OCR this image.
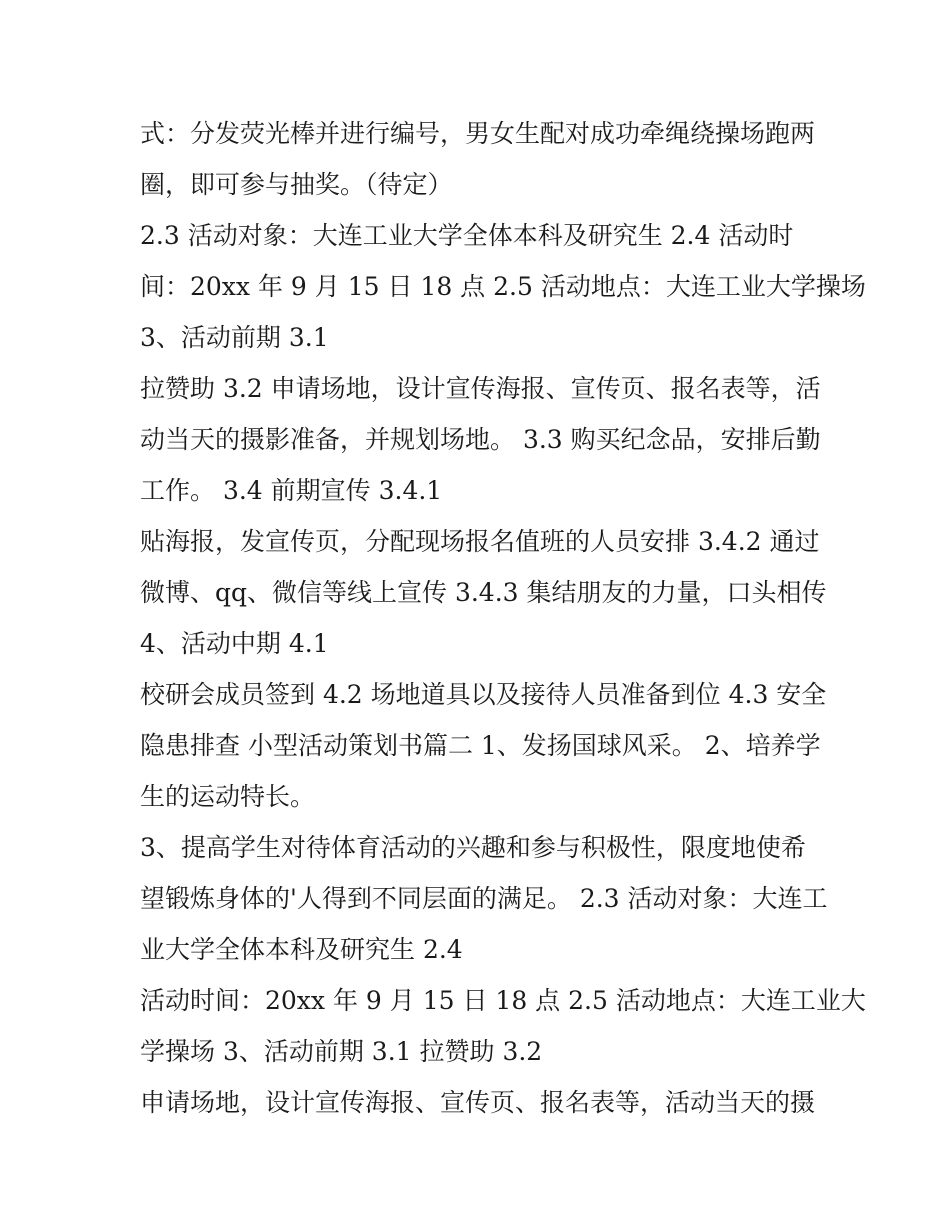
式：分发荧光棒并进行编号，男女生配对成功牵绳绕操场跑两
圈，即可参与抽奖。（待定）
2.3 活动对象：大连工业大学全体本科及研究生 2.4 活动时
间：20xx 年 9 月 15 日 18 点 2.5 活动地点：大连工业大学操场
3、活动前期 3.1
拉赞助 3.2 申请场地，设计宣传海报、宣传页、报名表等，活
动当天的摄影准备，并规划场地。 3.3 购买纪念品，安排后勤
工作。 3.4 前期宣传 3.4.1
贴海报，发宣传页，分配现场报名值班的人员安排 3.4.2 通过
微博、qq、微信等线上宣传 3.4.3 集结朋友的力量，口头相传
4、活动中期 4.1
校研会成员签到 4.2 场地道具以及接待人员准备到位 4.3 安全
隐患排查 小型活动策划书篇二 1、发扬国球风采。 2、培养学
生的运动特长。
3、提高学生对待体育活动的兴趣和参与积极性，限度地使希
望锻炼身体的'人得到不同层面的满足。 2.3 活动对象：大连工
业大学全体本科及研究生 2.4
活动时间：20xx 年 9 月 15 日 18 点 2.5 活动地点：大连工业大
学操场 3、活动前期 3.1 拉赞助 3.2
申请场地，设计宣传海报、宣传页、报名表等，活动当天的摄
